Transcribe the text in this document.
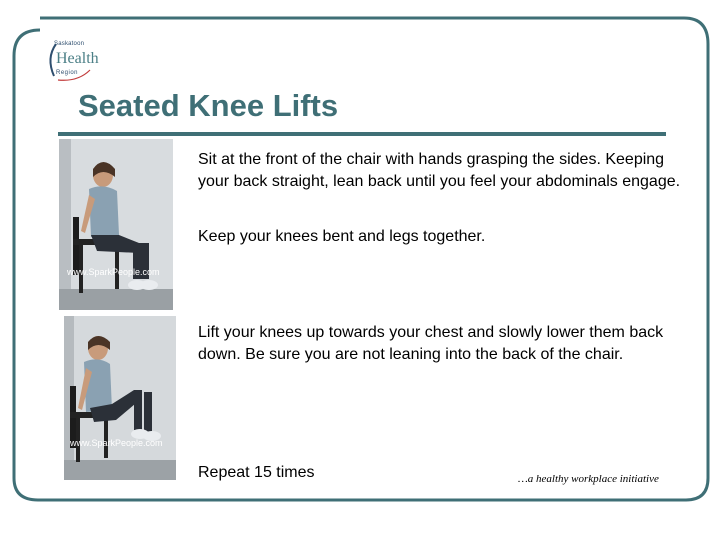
Saskatoon
Health
Region
Seated Knee Lifts
www.SparkPeople.com
www.SparkPeople.com

Sit at the front of the chair with hands grasping the sides. Keeping your back straight, lean back until you feel your abdominals engage.

Keep your knees bent and legs together.

Lift your knees up towards your chest and slowly lower them back down. Be sure you are not leaning into the back of the chair.

Repeat 15 times	…a healthy workplace initiative
